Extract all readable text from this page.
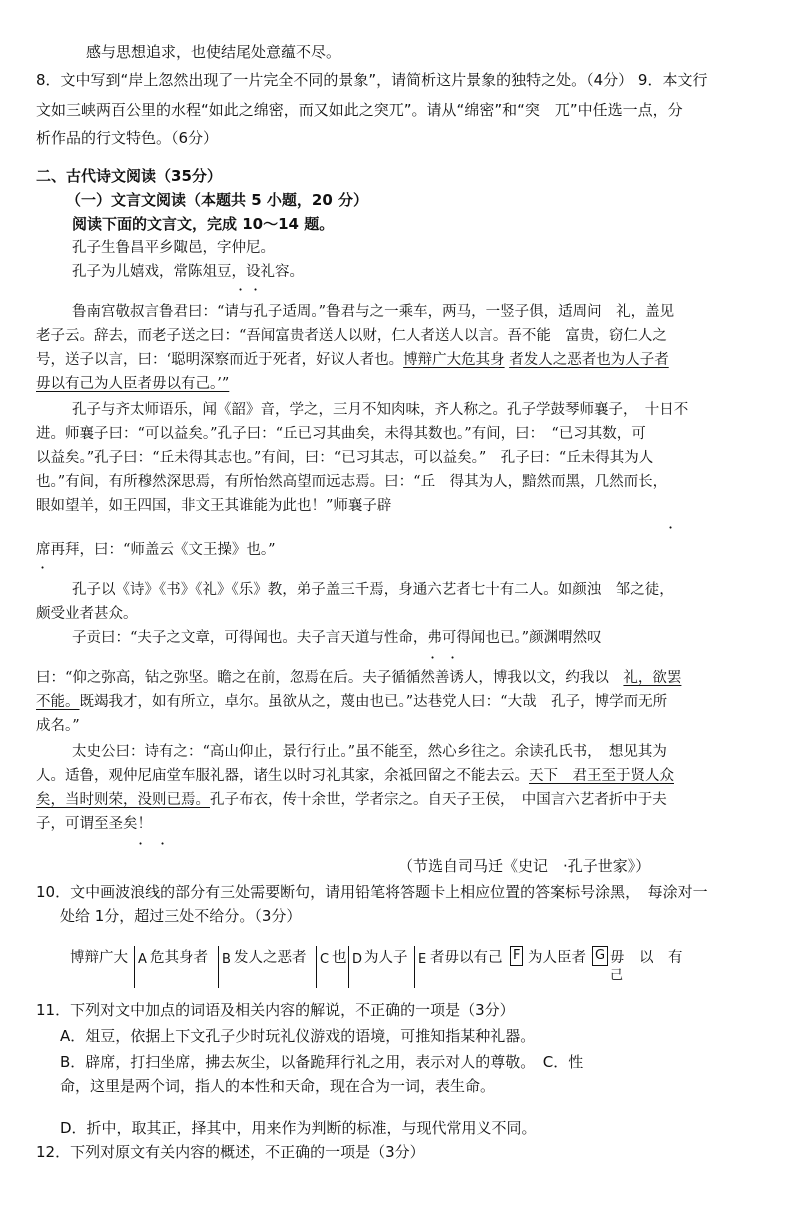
感与思想追求，也使结尾处意蕴不尽。
8．文中写到“岸上忽然出现了一片完全不同的景象”，请简析这片景象的独特之处。（4分） 9．本文行
文如三峡两百公里的水程“如此之绵密，而又如此之突兀”。请从“绵密”和“突　兀”中任选一点，分
析作品的行文特色。（6分）
二、古代诗文阅读（35分）
（一）文言文阅读（本题共 5 小题，20 分）
阅读下面的文言文，完成 10～14 题。
孔子生鲁昌平乡陬邑，字仲尼。
孔子为儿嬉戏，常陈俎豆，设礼容。
· ·
鲁南宫敬叔言鲁君曰：“请与孔子适周。”鲁君与之一乘车，两马，一竖子俱，适周问　礼，盖见
老子云。辞去，而老子送之曰：“吾闻富贵者送人以财，仁人者送人以言。吾不能　富贵，窃仁人之
号，送子以言，曰：‘聪明深察而近于死者，好议人者也。博辩广大危其身 者发人之恶者也为人子者
毋以有己为人臣者毋以有己。’”
孔子与齐太师语乐，闻《韶》音，学之，三月不知肉味，齐人称之。孔子学鼓琴师襄子，　十日不
进。师襄子曰：“可以益矣。”孔子曰：“丘已习其曲矣，未得其数也。”有间，曰：　“已习其数，可
以益矣。”孔子曰：“丘未得其志也。”有间，曰：“已习其志，可以益矣。”　孔子曰：“丘未得其为人
也。”有间，有所穆然深思焉，有所怡然高望而远志焉。曰：“丘　得其为人，黯然而黑，几然而长，
眼如望羊，如王四国，非文王其谁能为此也！”师襄子辟
·
席再拜，曰：“师盖云《文王操》也。”
·
孔子以《诗》《书》《礼》《乐》教，弟子盖三千焉，身通六艺者七十有二人。如颜浊　邹之徒，
颇受业者甚众。
子贡曰：“夫子之文章，可得闻也。夫子言天道与性命，弗可得闻也已。”颜渊喟然叹
· ·
曰：“仰之弥高，钻之弥坚。瞻之在前，忽焉在后。夫子循循然善诱人，博我以文，约我以　礼，欲罢
不能。既竭我才，如有所立，卓尔。虽欲从之，蔑由也已。”达巷党人曰：“大哉　孔子，博学而无所
成名。”
太史公曰：诗有之：“高山仰止，景行行止。”虽不能至，然心乡往之。余读孔氏书，　想见其为
人。适鲁，观仲尼庙堂车服礼器，诸生以时习礼其家，余祗回留之不能去云。天下　君王至于贤人众
矣，当时则荣，没则已焉。孔子布衣，传十余世，学者宗之。自天子王侯，　中国言六艺者折中于夫
子，可谓至圣矣！
· ·
（节选自司马迁《史记　·孔子世家》）
10．文中画波浪线的部分有三处需要断句，请用铅笔将答题卡上相应位置的答案标号涂黑，　每涂对一
处给 1分，超过三处不给分。（3分）
博辩广大 A 危其身者 B 发人之恶者 C 也 D 为人子 E 者毋以有己 F 为人臣者 G 毋　以　有
己
11．下列对文中加点的词语及相关内容的解说，不正确的一项是（3分）
A．俎豆，依据上下文孔子少时玩礼仪游戏的语境，可推知指某种礼器。
B．辟席，打扫坐席，拂去灰尘，以备跪拜行礼之用，表示对人的尊敬。　C．性
命，这里是两个词，指人的本性和天命，现在合为一词，表生命。
D．折中，取其正，择其中，用来作为判断的标准，与现代常用义不同。
12．下列对原文有关内容的概述，不正确的一项是（3分）
